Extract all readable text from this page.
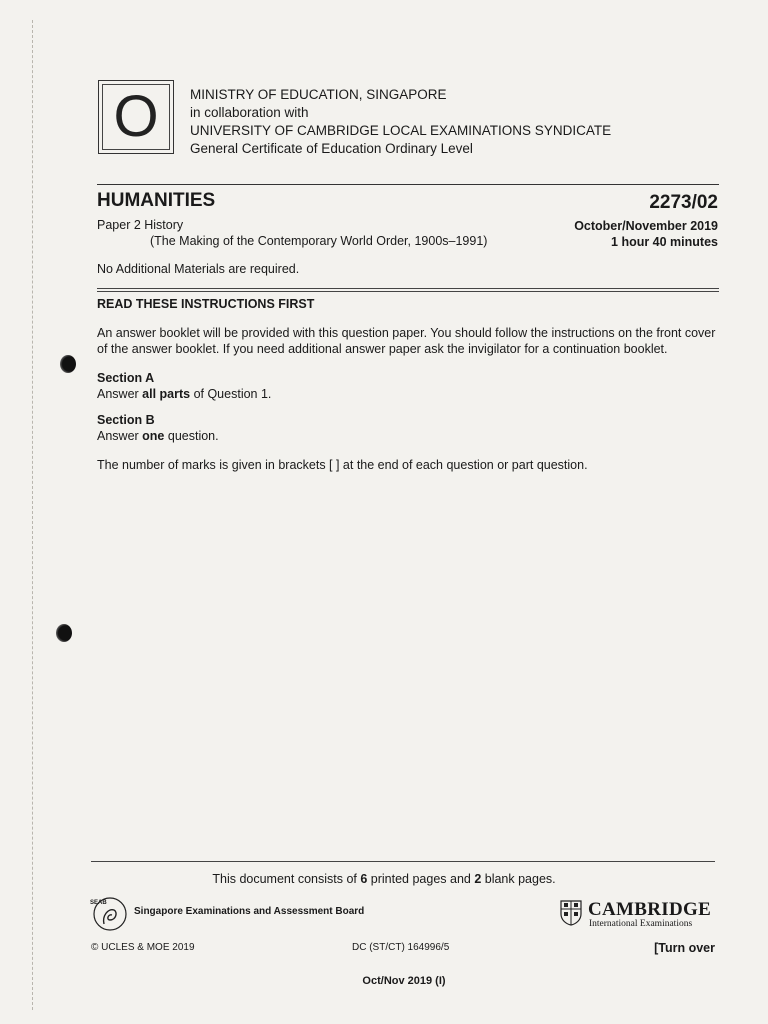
O	MINISTRY OF EDUCATION, SINGAPORE
in collaboration with
UNIVERSITY OF CAMBRIDGE LOCAL EXAMINATIONS SYNDICATE
General Certificate of Education Ordinary Level
HUMANITIES	2273/02
Paper 2 History
(The Making of the Contemporary World Order, 1900s–1991)
October/November 2019
1 hour 40 minutes
No Additional Materials are required.
READ THESE INSTRUCTIONS FIRST
An answer booklet will be provided with this question paper. You should follow the instructions on the front cover of the answer booklet. If you need additional answer paper ask the invigilator for a continuation booklet.
Section A
Answer all parts of Question 1.
Section B
Answer one question.
The number of marks is given in brackets [ ] at the end of each question or part question.
This document consists of 6 printed pages and 2 blank pages.
SEAB
Singapore Examinations and Assessment Board	CAMBRIDGE
International Examinations
© UCLES & MOE 2019	DC (ST/CT) 164996/5	[Turn over
Oct/Nov 2019 (I)
